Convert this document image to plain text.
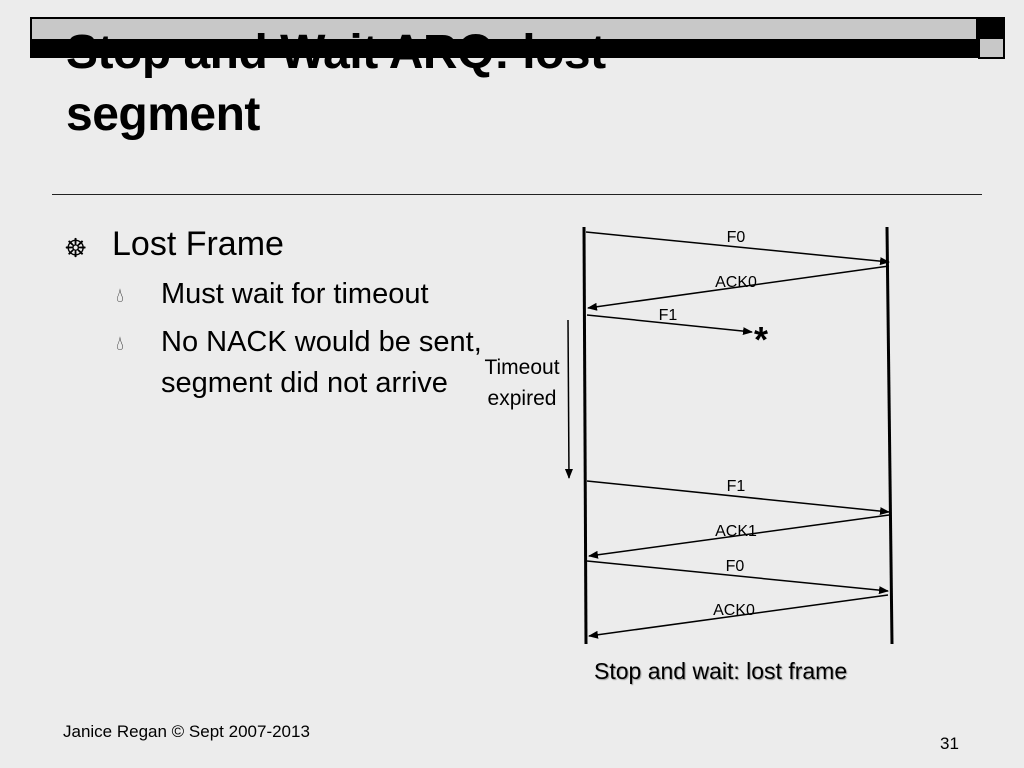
Stop and Wait ARQ: lost
segment
☸ Lost Frame
💧︎ Must wait for timeout
💧︎ No NACK would be sent, segment did not arrive
F0
ACK0
F1
*
Timeout
expired
F1
ACK1
F0
ACK0
Stop and wait: lost frame
Janice Regan © Sept 2007-2013
31
